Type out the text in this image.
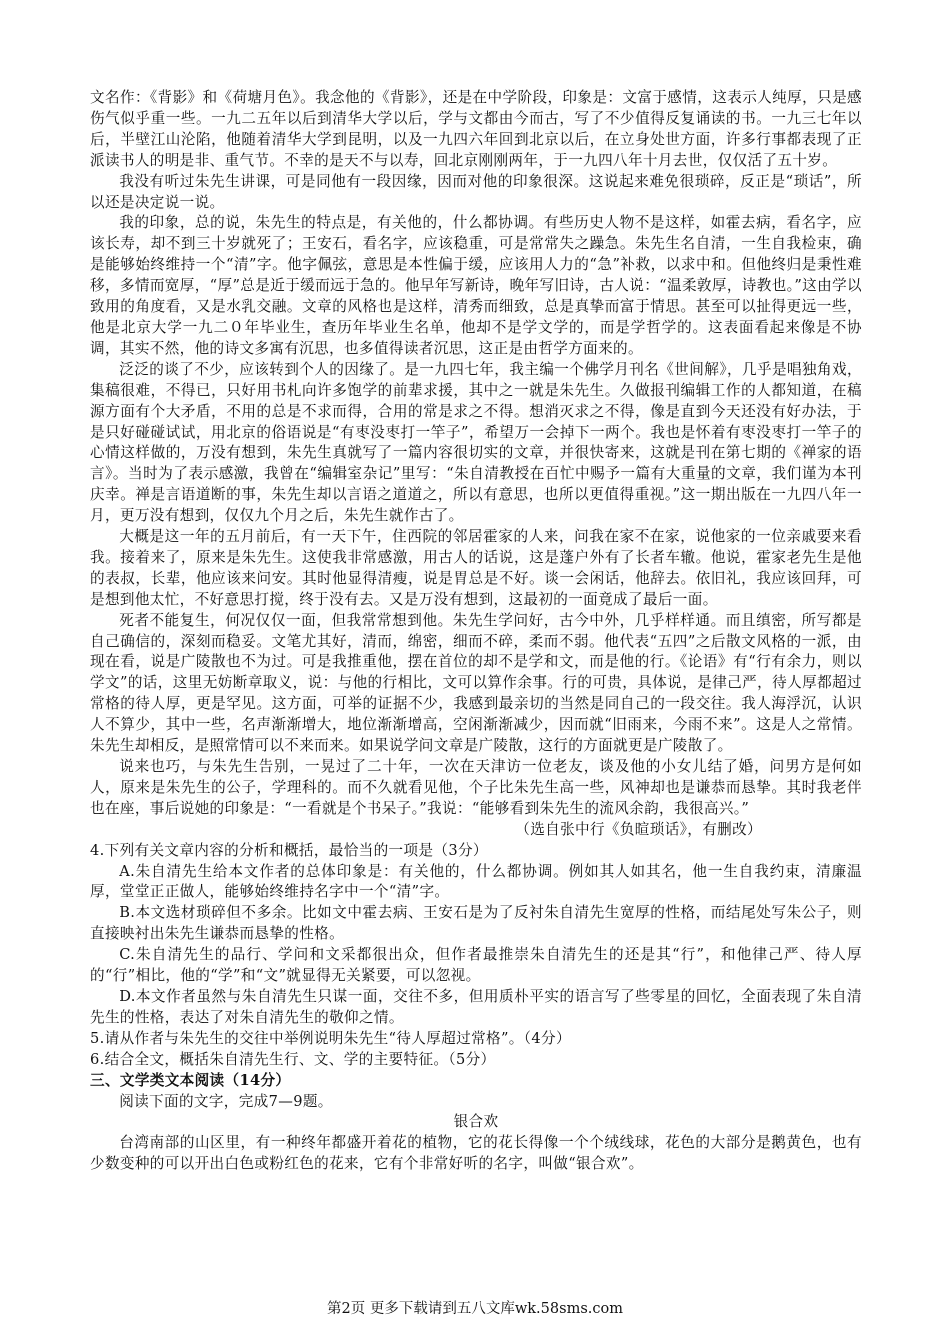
文名作：《背影》和《荷塘月色》。我念他的《背影》，还是在中学阶段，印象是：文富于感情，这表示人纯厚，只是感伤气似乎重一些。一九二五年以后到清华大学以后，学与文都由今而古，写了不少值得反复诵读的书。一九三七年以后，半壁江山沦陷，他随着清华大学到昆明，以及一九四六年回到北京以后，在立身处世方面，许多行事都表现了正派读书人的明是非、重气节。不幸的是天不与以寿，回北京刚刚两年，于一九四八年十月去世，仅仅活了五十岁。

我没有听过朱先生讲课，可是同他有一段因缘，因而对他的印象很深。这说起来难免很琐碎，反正是“琐话”，所以还是决定说一说。

我的印象，总的说，朱先生的特点是，有关他的，什么都协调。有些历史人物不是这样，如霍去病，看名字，应该长寿，却不到三十岁就死了；王安石，看名字，应该稳重，可是常常失之躁急。朱先生名自清，一生自我检束，确是能够始终维持一个“清”字。他字佩弦，意思是本性偏于缓，应该用人力的“急”补救，以求中和。但他终归是秉性难移，多情而宽厚，“厚”总是近于缓而远于急的。他早年写新诗，晚年写旧诗，古人说：“温柔敦厚，诗教也。”这由学以致用的角度看，又是水乳交融。文章的风格也是这样，清秀而细致，总是真挚而富于情思。甚至可以扯得更远一些，他是北京大学一九二０年毕业生，查历年毕业生名单，他却不是学文学的，而是学哲学的。这表面看起来像是不协调，其实不然，他的诗文多寓有沉思，也多值得读者沉思，这正是由哲学方面来的。

泛泛的谈了不少，应该转到个人的因缘了。是一九四七年，我主编一个佛学月刊名《世间解》，几乎是唱独角戏，集稿很难，不得已，只好用书札向许多饱学的前辈求援，其中之一就是朱先生。久做报刊编辑工作的人都知道，在稿源方面有个大矛盾，不用的总是不求而得，合用的常是求之不得。想消灭求之不得，像是直到今天还没有好办法，于是只好碰碰试试，用北京的俗语说是“有枣没枣打一竿子”，希望万一会掉下一两个。我也是怀着有枣没枣打一竿子的心情这样做的，万没有想到，朱先生真就写了一篇内容很切实的文章，并很快寄来，这就是刊在第七期的《禅家的语言》。当时为了表示感激，我曾在“编辑室杂记”里写：“朱自清教授在百忙中赐予一篇有大重量的文章，我们谨为本刊庆幸。禅是言语道断的事，朱先生却以言语之道道之，所以有意思，也所以更值得重视。”这一期出版在一九四八年一月，更万没有想到，仅仅九个月之后，朱先生就作古了。

大概是这一年的五月前后，有一天下午，住西院的邻居霍家的人来，问我在家不在家，说他家的一位亲戚要来看我。接着来了，原来是朱先生。这使我非常感激，用古人的话说，这是蓬户外有了长者车辙。他说，霍家老先生是他的表叔，长辈，他应该来问安。其时他显得清瘦，说是胃总是不好。谈一会闲话，他辞去。依旧礼，我应该回拜，可是想到他太忙，不好意思打搅，终于没有去。又是万没有想到，这最初的一面竟成了最后一面。

死者不能复生，何况仅仅一面，但我常常想到他。朱先生学问好，古今中外，几乎样样通。而且缜密，所写都是自己确信的，深刻而稳妥。文笔尤其好，清而，绵密，细而不碎，柔而不弱。他代表“五四”之后散文风格的一派，由现在看，说是广陵散也不为过。可是我推重他，摆在首位的却不是学和文，而是他的行。《论语》有“行有余力，则以学文”的话，这里无妨断章取义，说：与他的行相比，文可以算作余事。行的可贵，具体说，是律己严，待人厚都超过常格的待人厚，更是罕见。这方面，可举的证据不少，我感到最亲切的当然是同自己的一段交往。我人海浮沉，认识人不算少，其中一些，名声渐渐增大，地位渐渐增高，空闲渐渐减少，因而就“旧雨来，今雨不来”。这是人之常情。朱先生却相反，是照常情可以不来而来。如果说学问文章是广陵散，这行的方面就更是广陵散了。

说来也巧，与朱先生告别，一晃过了二十年，一次在天津访一位老友，谈及他的小女儿结了婚，问男方是何如人，原来是朱先生的公子，学理科的。而不久就看见他，个子比朱先生高一些，风神却也是谦恭而恳挚。其时我老伴也在座，事后说她的印象是：“一看就是个书呆子。”我说：“能够看到朱先生的流风余韵，我很高兴。”

（选自张中行《负暄琐话》，有删改）

4.下列有关文章内容的分析和概括，最恰当的一项是（3分）

A.朱自清先生给本文作者的总体印象是：有关他的，什么都协调。例如其人如其名，他一生自我约束，清廉温厚，堂堂正正做人，能够始终维持名字中一个“清”字。

B.本文选材琐碎但不多余。比如文中霍去病、王安石是为了反衬朱自清先生宽厚的性格，而结尾处写朱公子，则直接映衬出朱先生谦恭而恳挚的性格。

C.朱自清先生的品行、学问和文采都很出众，但作者最推崇朱自清先生的还是其“行”，和他律己严、待人厚的“行”相比，他的“学”和“文”就显得无关紧要，可以忽视。

D.本文作者虽然与朱自清先生只谋一面，交往不多，但用质朴平实的语言写了些零星的回忆，全面表现了朱自清先生的性格，表达了对朱自清先生的敬仰之情。

5.请从作者与朱先生的交往中举例说明朱先生“待人厚超过常格”。（4分）

6.结合全文，概括朱自清先生行、文、学的主要特征。（5分）

三、文学类文本阅读（14分）

阅读下面的文字，完成7—9题。

银合欢

台湾南部的山区里，有一种终年都盛开着花的植物，它的花长得像一个个绒线球，花色的大部分是鹅黄色，也有少数变种的可以开出白色或粉红色的花来，它有个非常好听的名字，叫做“银合欢”。

第2页 更多下载请到五八文库wk.58sms.com
